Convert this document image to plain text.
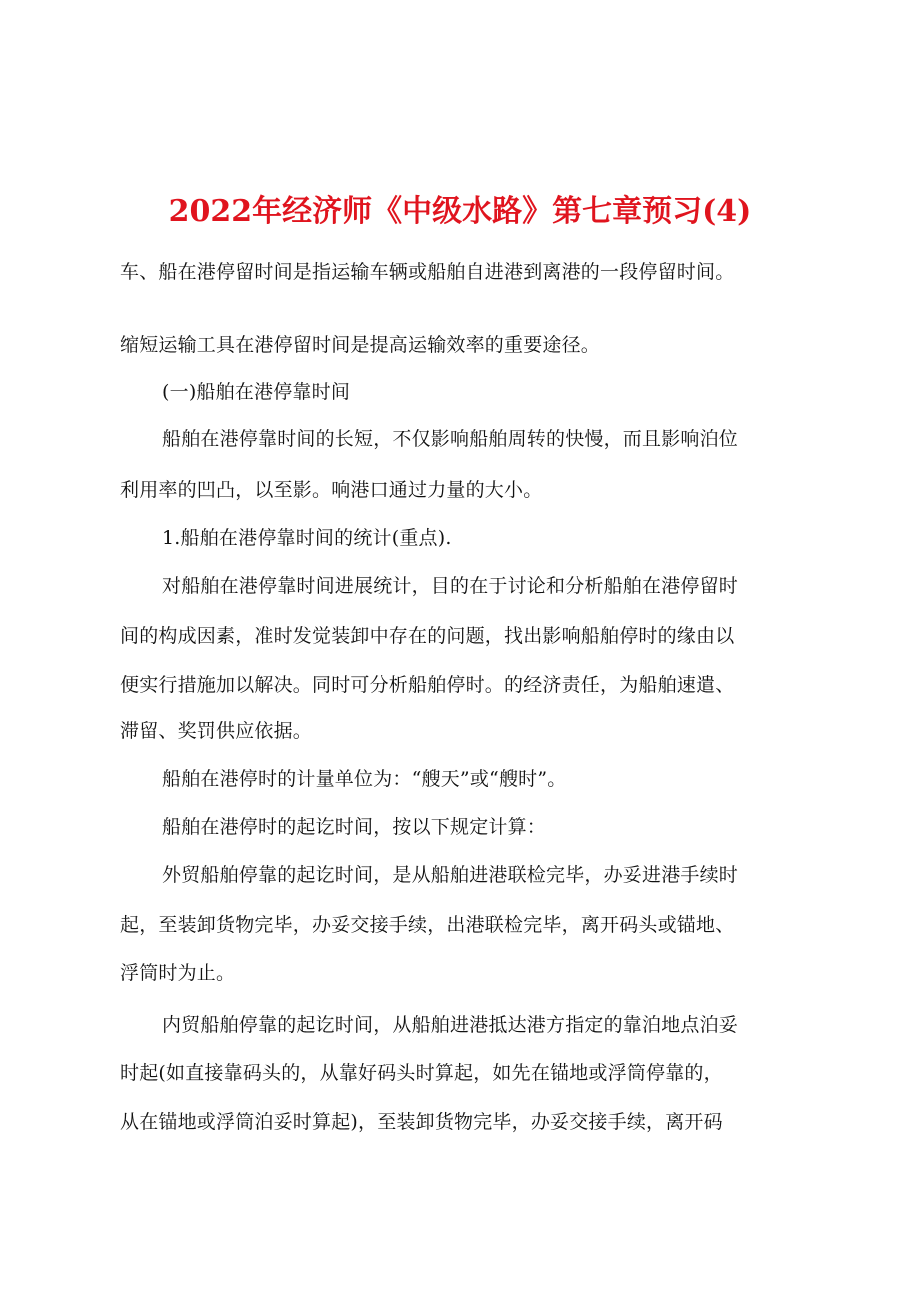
2022年经济师《中级水路》第七章预习(4)
车、船在港停留时间是指运输车辆或船舶自进港到离港的一段停留时间。
缩短运输工具在港停留时间是提高运输效率的重要途径。
(一)船舶在港停靠时间
船舶在港停靠时间的长短，不仅影响船舶周转的快慢，而且影响泊位
利用率的凹凸，以至影。响港口通过力量的大小。
1.船舶在港停靠时间的统计(重点).
对船舶在港停靠时间进展统计，目的在于讨论和分析船舶在港停留时
间的构成因素，准时发觉装卸中存在的问题，找出影响船舶停时的缘由以
便实行措施加以解决。同时可分析船舶停时。的经济责任，为船舶速遣、
滞留、奖罚供应依据。
船舶在港停时的计量单位为：“艘天”或“艘时”。
船舶在港停时的起讫时间，按以下规定计算：
外贸船舶停靠的起讫时间，是从船舶进港联检完毕，办妥进港手续时
起，至装卸货物完毕，办妥交接手续，出港联检完毕，离开码头或锚地、
浮筒时为止。
内贸船舶停靠的起讫时间，从船舶进港抵达港方指定的靠泊地点泊妥
时起(如直接靠码头的，从靠好码头时算起，如先在锚地或浮筒停靠的，
从在锚地或浮筒泊妥时算起)，至装卸货物完毕，办妥交接手续，离开码
